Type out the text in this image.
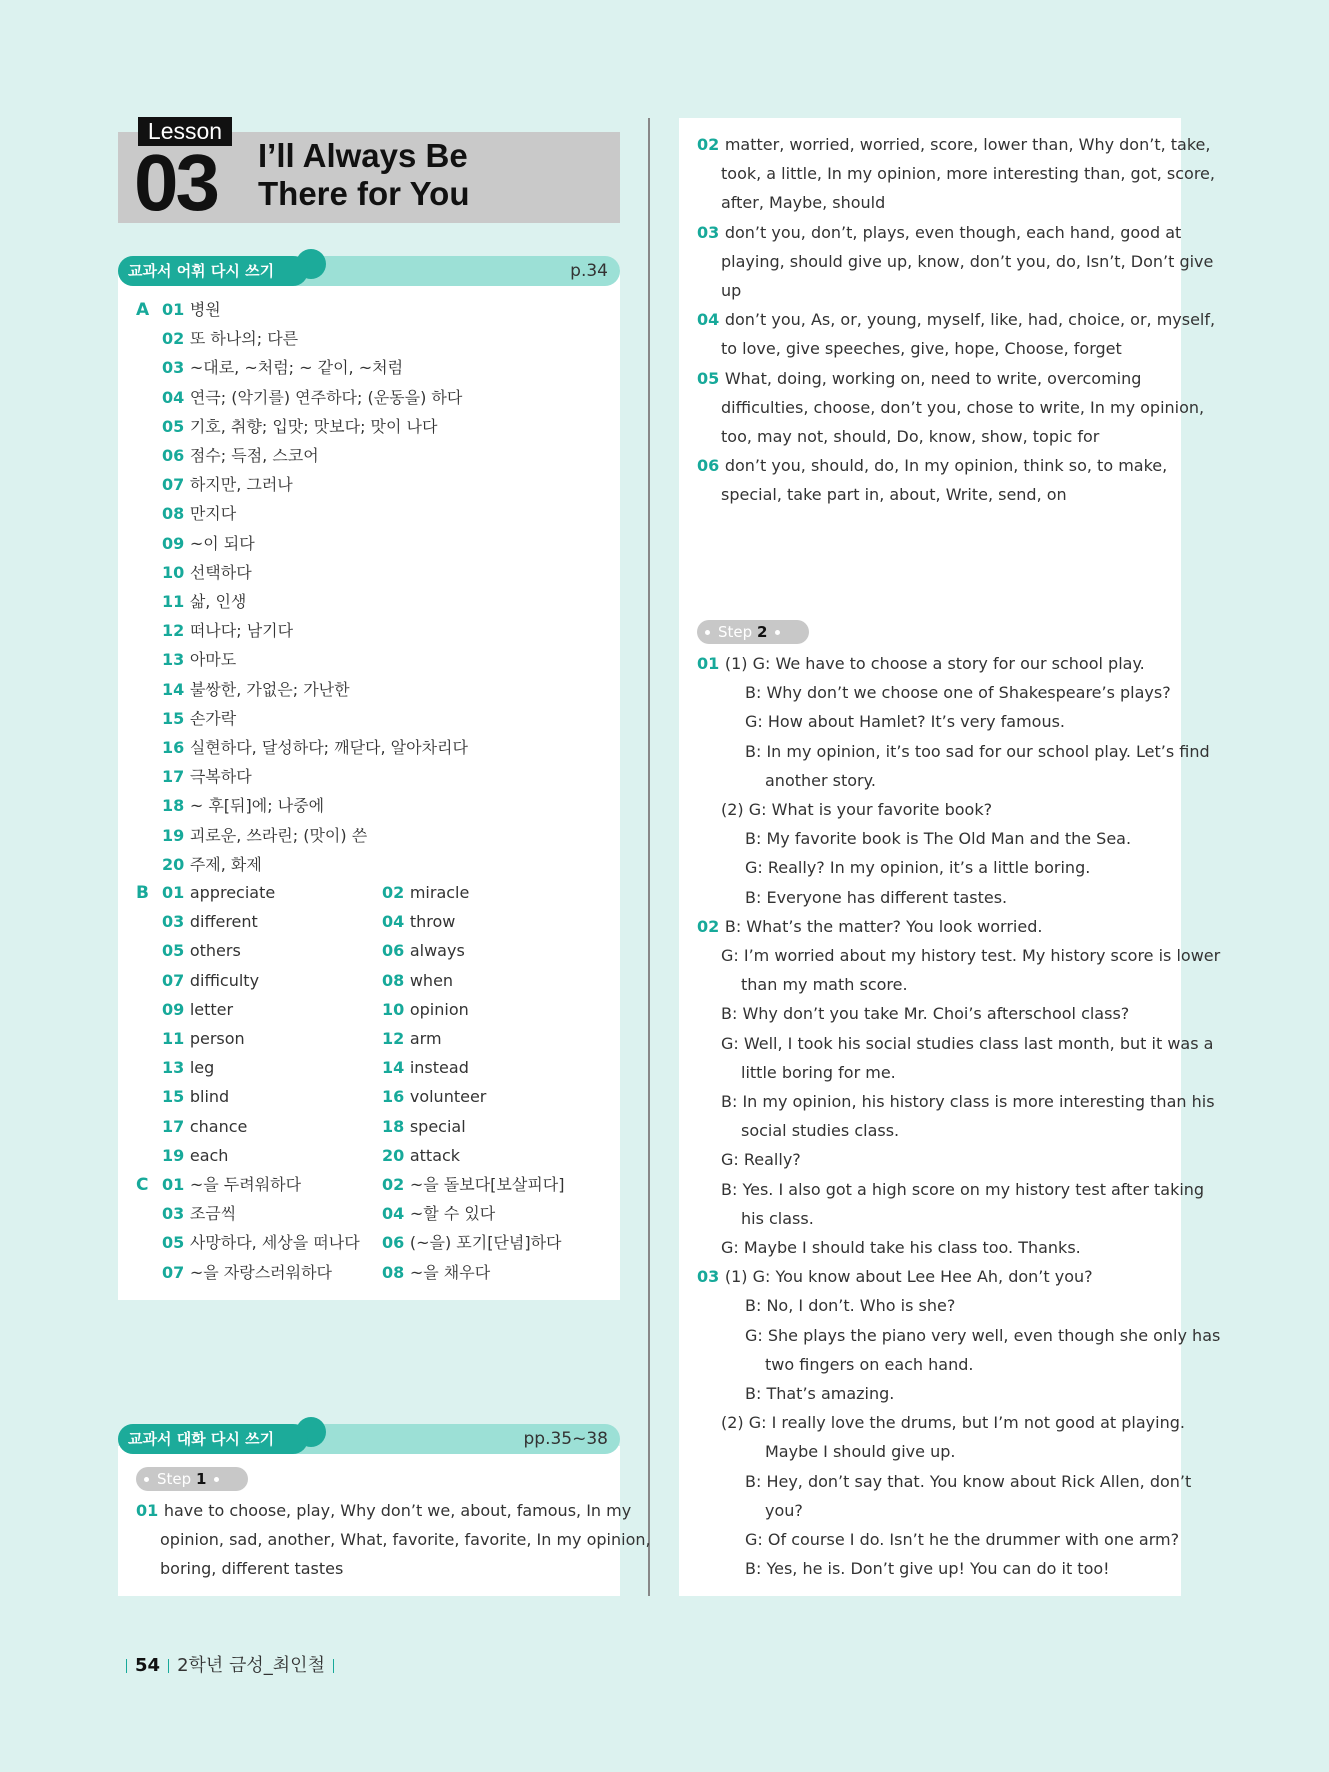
Lesson
03	I’ll Always Be
There for You
교과서 어휘 다시 쓰기	p.34
교과서 대화 다시 쓰기	pp.35~38
A
B
C
01 병원
02 또 하나의; 다른
03 ~대로, ~처럼; ~ 같이, ~처럼
04 연극; (악기를) 연주하다; (운동을) 하다
05 기호, 취향; 입맛; 맛보다; 맛이 나다
06 점수; 득점, 스코어
07 하지만, 그러나
08 만지다
09 ~이 되다
10 선택하다
11 삶, 인생
12 떠나다; 남기다
13 아마도
14 불쌍한, 가없은; 가난한
15 손가락
16 실현하다, 달성하다; 깨닫다, 알아차리다
17 극복하다
18 ~ 후[뒤]에; 나중에
19 괴로운, 쓰라린; (맛이) 쓴
20 주제, 화제
01 appreciate	02 miracle
03 different	04 throw
05 others	06 always
07 difficulty	08 when
09 letter	10 opinion
11 person	12 arm
13 leg	14 instead
15 blind	16 volunteer
17 chance	18 special
19 each	20 attack
01 ~을 두려워하다	02 ~을 돌보다[보살피다]
03 조금씩	04 ~할 수 있다
05 사망하다, 세상을 떠나다 06 (~을) 포기[단념]하다
07 ~을 자랑스러워하다	08 ~을 채우다
Step 1
01 have to choose, play, Why don’t we, about, famous, In my
opinion, sad, another, What, favorite, favorite, In my opinion,
boring, different tastes
02 matter, worried, worried, score, lower than, Why don’t, take,
took, a little, In my opinion, more interesting than, got, score,
after, Maybe, should
03 don’t you, don’t, plays, even though, each hand, good at
playing, should give up, know, don’t you, do, Isn’t, Don’t give
up
04 don’t you, As, or, young, myself, like, had, choice, or, myself,
to love, give speeches, give, hope, Choose, forget
05 What, doing, working on, need to write, overcoming
difficulties, choose, don’t you, chose to write, In my opinion,
too, may not, should, Do, know, show, topic for
06 don’t you, should, do, In my opinion, think so, to make,
special, take part in, about, Write, send, on
Step 2
01 (1) G: We have to choose a story for our school play.
B: Why don’t we choose one of Shakespeare’s plays?
G: How about Hamlet? It’s very famous.
B: In my opinion, it’s too sad for our school play. Let’s find
another story.
(2) G: What is your favorite book?
B: My favorite book is The Old Man and the Sea.
G: Really? In my opinion, it’s a little boring.
B: Everyone has different tastes.
02 B: What’s the matter? You look worried.
G: I’m worried about my history test. My history score is lower
than my math score.
B: Why don’t you take Mr. Choi’s afterschool class?
G: Well, I took his social studies class last month, but it was a
little boring for me.
B: In my opinion, his history class is more interesting than his
social studies class.
G: Really?
B: Yes. I also got a high score on my history test after taking
his class.
G: Maybe I should take his class too. Thanks.
03 (1) G: You know about Lee Hee Ah, don’t you?
B: No, I don’t. Who is she?
G: She plays the piano very well, even though she only has
two fingers on each hand.
B: That’s amazing.
(2) G: I really love the drums, but I’m not good at playing.
Maybe I should give up.
B: Hey, don’t say that. You know about Rick Allen, don’t
you?
G: Of course I do. Isn’t he the drummer with one arm?
B: Yes, he is. Don’t give up! You can do it too!
54 2학년 금성_최인철
